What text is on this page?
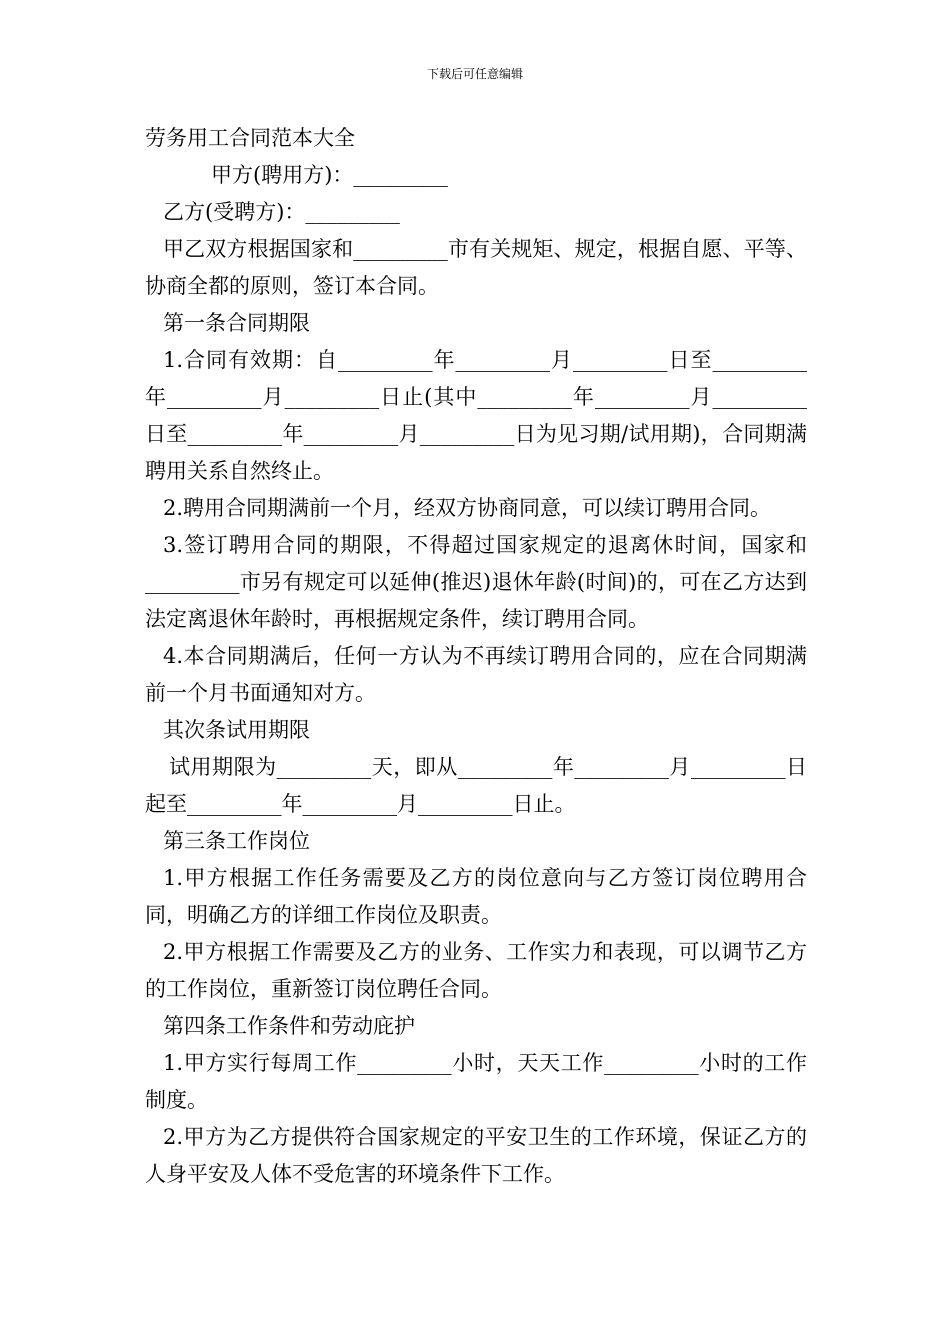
下载后可任意编辑

劳务用工合同范本大全

甲方(聘用方)：_________

乙方(受聘方)：_________

甲乙双方根据国家和_________市有关规矩、规定，根据自愿、平等、协商全都的原则，签订本合同。

第一条合同期限

1.合同有效期：自_________年_________月_________日至_________年_________月_________日止(其中_________年_________月_________日至_________年_________月_________日为见习期/试用期)，合同期满聘用关系自然终止。

2.聘用合同期满前一个月，经双方协商同意，可以续订聘用合同。

3.签订聘用合同的期限，不得超过国家规定的退离休时间，国家和_________市另有规定可以延伸(推迟)退休年龄(时间)的，可在乙方达到法定离退休年龄时，再根据规定条件，续订聘用合同。

4.本合同期满后，任何一方认为不再续订聘用合同的，应在合同期满前一个月书面通知对方。

其次条试用期限

试用期限为_________天，即从_________年_________月_________日起至_________年_________月_________日止。

第三条工作岗位

1.甲方根据工作任务需要及乙方的岗位意向与乙方签订岗位聘用合同，明确乙方的详细工作岗位及职责。

2.甲方根据工作需要及乙方的业务、工作实力和表现，可以调节乙方的工作岗位，重新签订岗位聘任合同。

第四条工作条件和劳动庇护

1.甲方实行每周工作_________小时，天天工作_________小时的工作制度。

2.甲方为乙方提供符合国家规定的平安卫生的工作环境，保证乙方的人身平安及人体不受危害的环境条件下工作。
